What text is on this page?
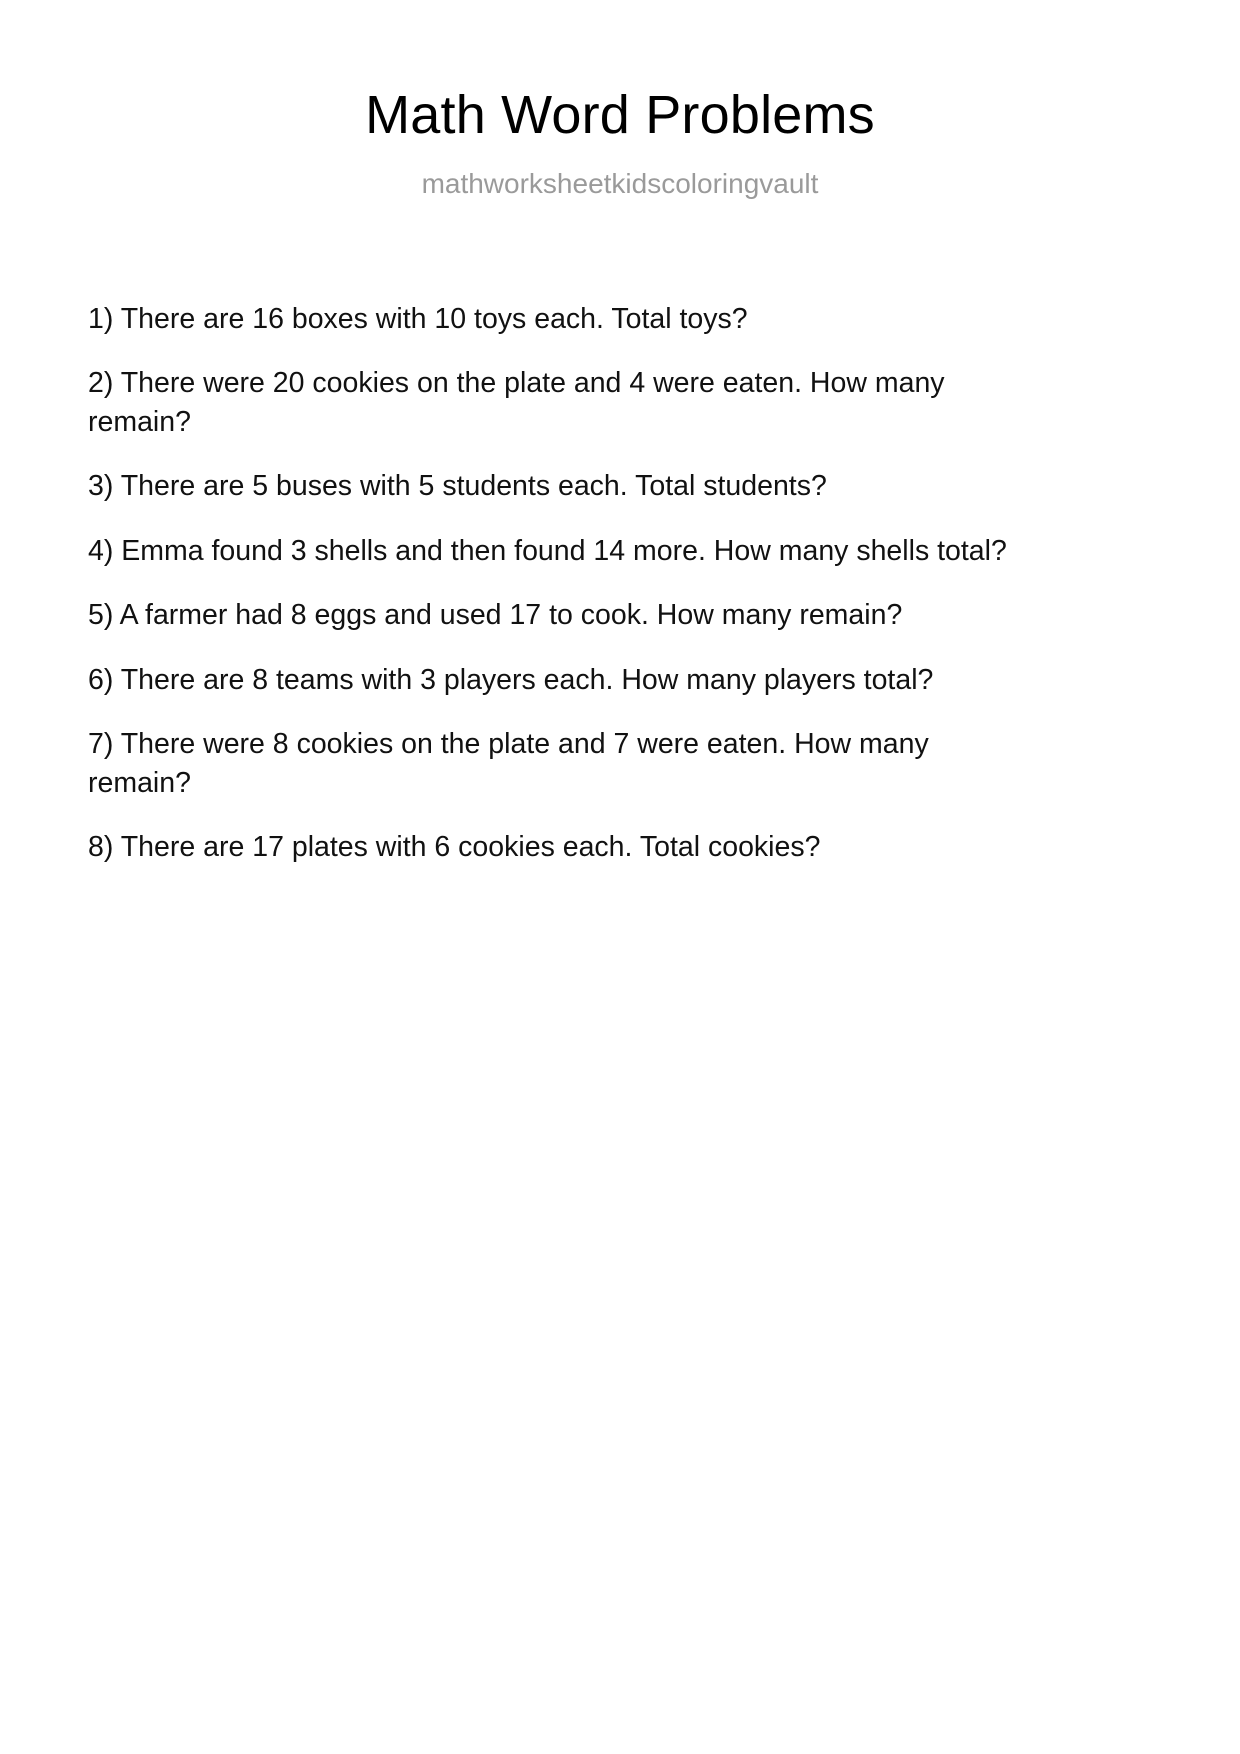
Math Word Problems
mathworksheetkidscoloringvault
1) There are 16 boxes with 10 toys each. Total toys?
2) There were 20 cookies on the plate and 4 were eaten. How many remain?
3) There are 5 buses with 5 students each. Total students?
4) Emma found 3 shells and then found 14 more. How many shells total?
5) A farmer had 8 eggs and used 17 to cook. How many remain?
6) There are 8 teams with 3 players each. How many players total?
7) There were 8 cookies on the plate and 7 were eaten. How many remain?
8) There are 17 plates with 6 cookies each. Total cookies?
